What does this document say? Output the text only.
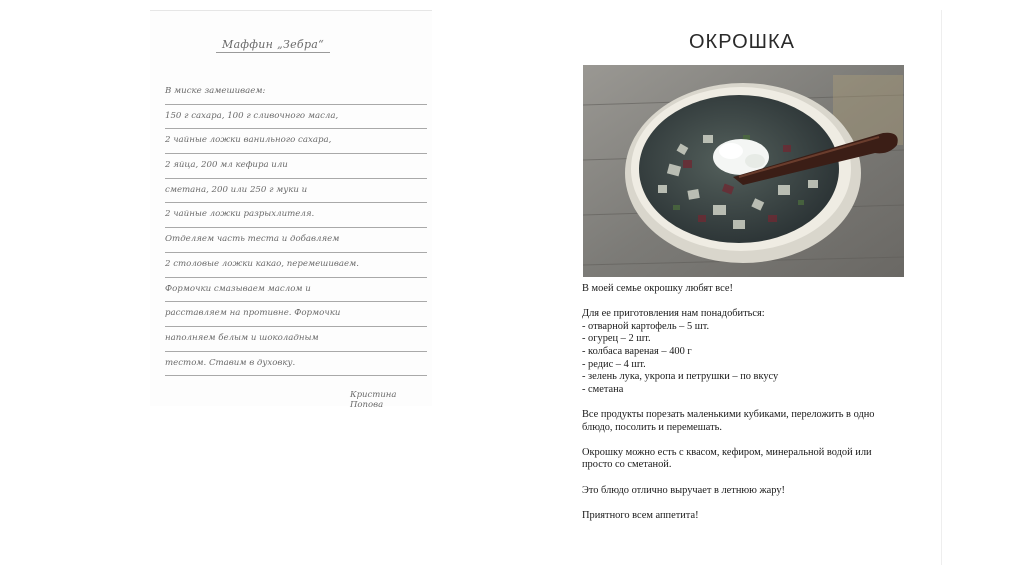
Маффин „Зебра“
В миске замешиваем:
150 г сахара, 100 г сливочного масла,
2 чайные ложки ванильного сахара,
2 яйца, 200 мл кефира или
сметана, 200 или 250 г муки и
2 чайные ложки разрыхлителя.
Отделяем часть теста и добавляем
2 столовые ложки какао, перемешиваем.
Формочки смазываем маслом и
расставляем на противне. Формочки
наполняем белым и шоколадным
тестом. Ставим в духовку.
Кристина Попова
ОКРОШКА

В моей семье окрошку любят все!

Для ее приготовления нам понадобиться:

- отварной картофель – 5 шт.

- огурец – 2 шт.

- колбаса вареная – 400 г

- редис – 4 шт.

- зелень лука, укропа и петрушки – по вкусу

- сметана

Все продукты порезать маленькими кубиками, переложить в одно

блюдо, посолить и перемешать.

Окрошку можно есть с квасом, кефиром, минеральной водой или

просто со сметаной.

Это блюдо отлично выручает в летнюю жару!

Приятного всем аппетита!
